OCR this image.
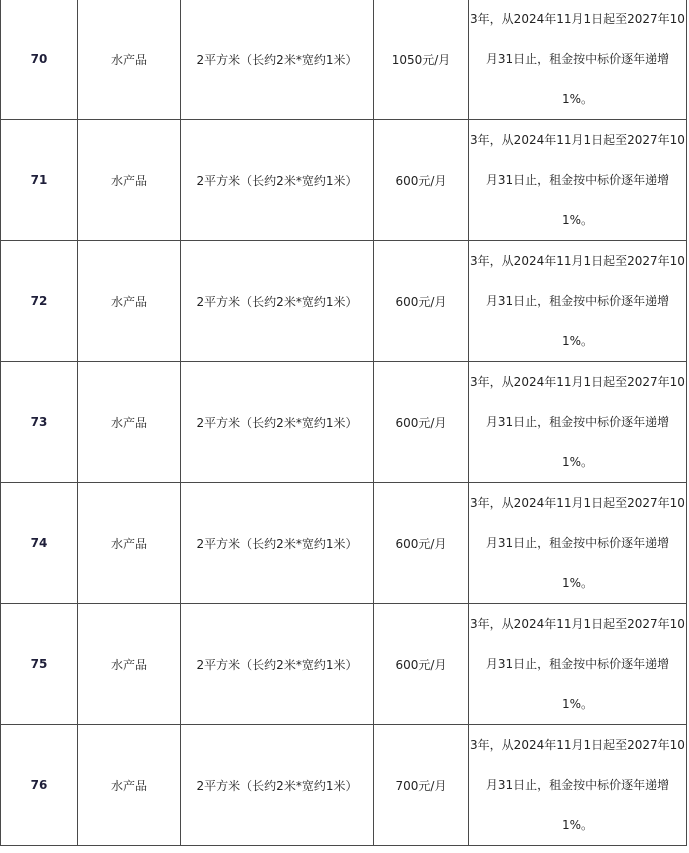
70	水产品	2平方米（长约2米*宽约1米）	1050元/月	3年，从2024年11月1日起至2027年10
月31日止，租金按中标价逐年递增
1%。

71	水产品	2平方米（长约2米*宽约1米）	600元/月	3年，从2024年11月1日起至2027年10
月31日止，租金按中标价逐年递增
1%。

72	水产品	2平方米（长约2米*宽约1米）	600元/月	3年，从2024年11月1日起至2027年10
月31日止，租金按中标价逐年递增
1%。

73	水产品	2平方米（长约2米*宽约1米）	600元/月	3年，从2024年11月1日起至2027年10
月31日止，租金按中标价逐年递增
1%。

74	水产品	2平方米（长约2米*宽约1米）	600元/月	3年，从2024年11月1日起至2027年10
月31日止，租金按中标价逐年递增
1%。

75	水产品	2平方米（长约2米*宽约1米）	600元/月	3年，从2024年11月1日起至2027年10
月31日止，租金按中标价逐年递增
1%。

76	水产品	2平方米（长约2米*宽约1米）	700元/月	3年，从2024年11月1日起至2027年10
月31日止，租金按中标价逐年递增
1%。
